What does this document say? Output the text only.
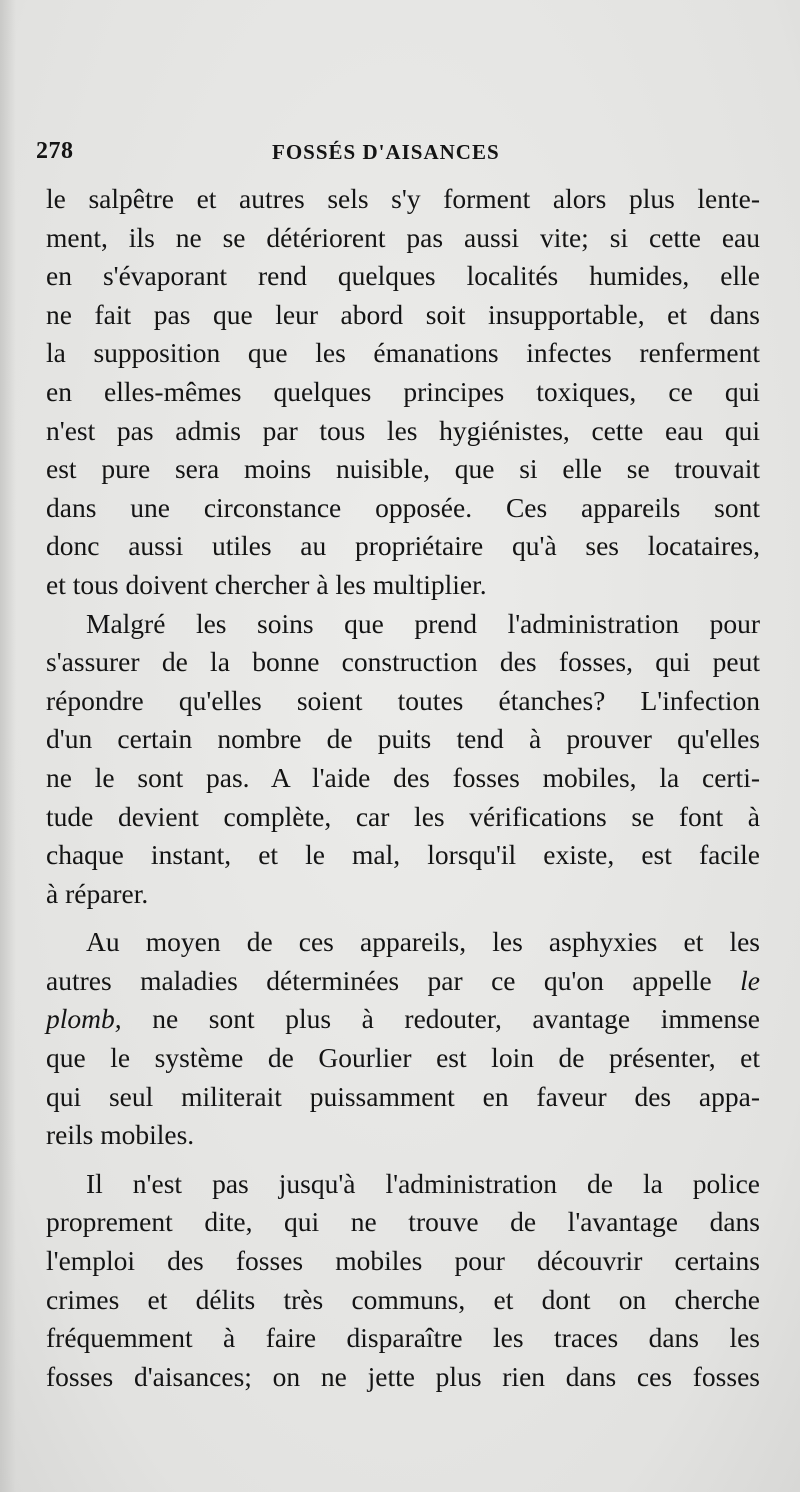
278	FOSSÉS D'AISANCES
le salpêtre et autres sels s'y forment alors plus lente-
ment, ils ne se détériorent pas aussi vite; si cette eau
en s'évaporant rend quelques localités humides, elle
ne fait pas que leur abord soit insupportable, et dans
la supposition que les émanations infectes renferment
en elles-mêmes quelques principes toxiques, ce qui
n'est pas admis par tous les hygiénistes, cette eau qui
est pure sera moins nuisible, que si elle se trouvait
dans une circonstance opposée. Ces appareils sont
donc aussi utiles au propriétaire qu'à ses locataires,
et tous doivent chercher à les multiplier.
Malgré les soins que prend l'administration pour
s'assurer de la bonne construction des fosses, qui peut
répondre qu'elles soient toutes étanches? L'infection
d'un certain nombre de puits tend à prouver qu'elles
ne le sont pas. A l'aide des fosses mobiles, la certi-
tude devient complète, car les vérifications se font à
chaque instant, et le mal, lorsqu'il existe, est facile
à réparer.
Au moyen de ces appareils, les asphyxies et les
autres maladies déterminées par ce qu'on appelle le
plomb, ne sont plus à redouter, avantage immense
que le système de Gourlier est loin de présenter, et
qui seul militerait puissamment en faveur des appa-
reils mobiles.
Il n'est pas jusqu'à l'administration de la police
proprement dite, qui ne trouve de l'avantage dans
l'emploi des fosses mobiles pour découvrir certains
crimes et délits très communs, et dont on cherche
fréquemment à faire disparaître les traces dans les
fosses d'aisances; on ne jette plus rien dans ces fosses
